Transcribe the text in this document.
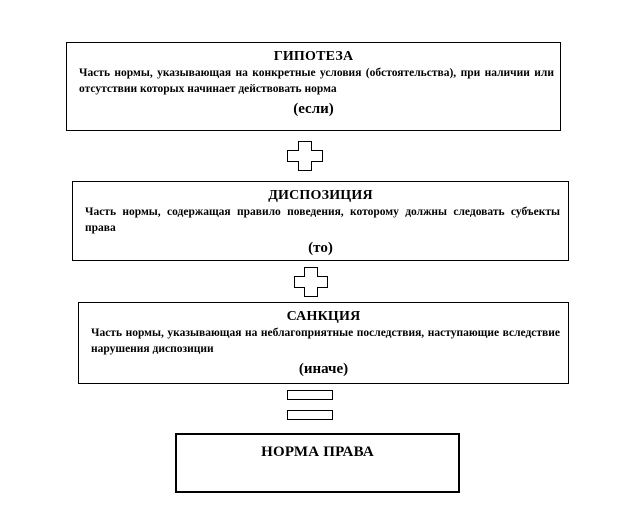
ГИПОТЕЗА
Часть нормы, указывающая на конкретные условия (обстоятельства), при наличии или отсутствии которых начинает действовать норма
(если)
ДИСПОЗИЦИЯ
Часть нормы, содержащая правило поведения, которому должны следовать субъекты права
(то)
САНКЦИЯ
Часть нормы, указывающая на неблагоприятные последствия, наступающие вследствие нарушения диспозиции
(иначе)
НОРМА ПРАВА
